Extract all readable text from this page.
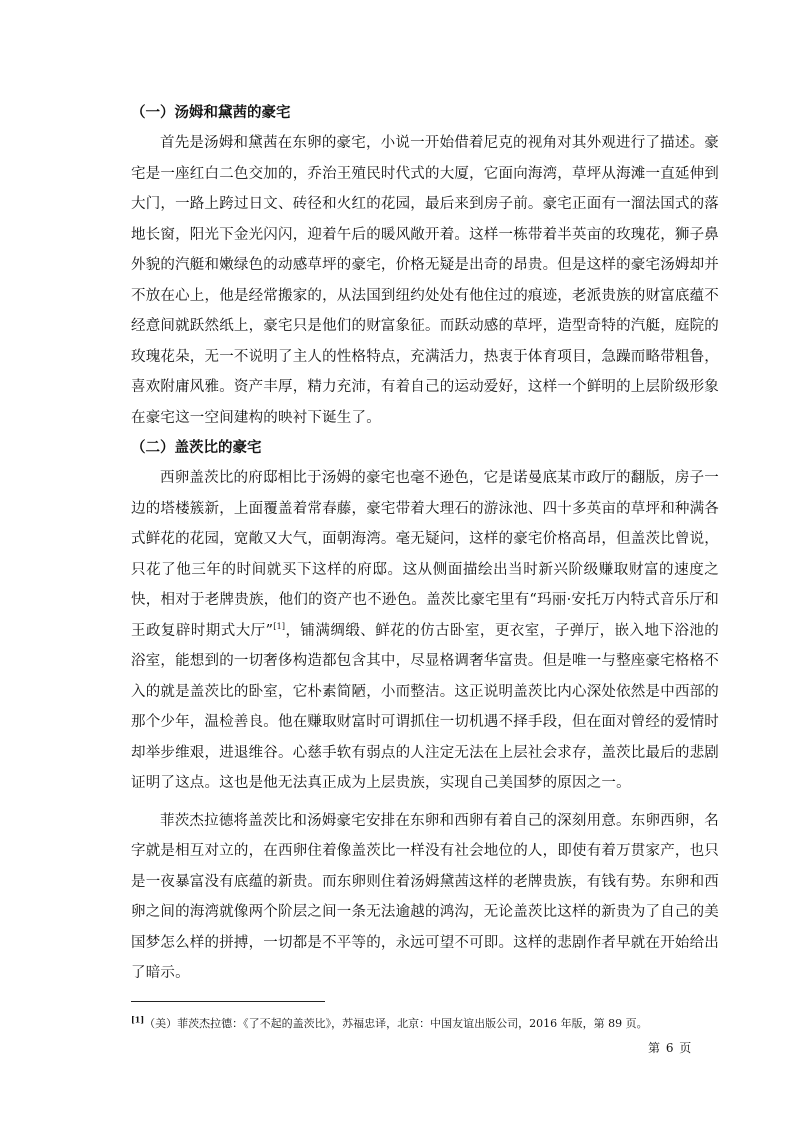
（一）汤姆和黛茜的豪宅

首先是汤姆和黛茜在东卵的豪宅，小说一开始借着尼克的视角对其外观进行了描述。豪宅是一座红白二色交加的，乔治王殖民时代式的大厦，它面向海湾，草坪从海滩一直延伸到大门，一路上跨过日文、砖径和火红的花园，最后来到房子前。豪宅正面有一溜法国式的落地长窗，阳光下金光闪闪，迎着午后的暖风敞开着。这样一栋带着半英亩的玫瑰花，狮子鼻外貌的汽艇和嫩绿色的动感草坪的豪宅，价格无疑是出奇的昂贵。但是这样的豪宅汤姆却并不放在心上，他是经常搬家的，从法国到纽约处处有他住过的痕迹，老派贵族的财富底蕴不经意间就跃然纸上，豪宅只是他们的财富象征。而跃动感的草坪，造型奇特的汽艇，庭院的玫瑰花朵，无一不说明了主人的性格特点，充满活力，热衷于体育项目，急躁而略带粗鲁，喜欢附庸风雅。资产丰厚，精力充沛，有着自己的运动爱好，这样一个鲜明的上层阶级形象在豪宅这一空间建构的映衬下诞生了。

（二）盖茨比的豪宅

西卵盖茨比的府邸相比于汤姆的豪宅也毫不逊色，它是诺曼底某市政厅的翻版，房子一边的塔楼簇新，上面覆盖着常春藤，豪宅带着大理石的游泳池、四十多英亩的草坪和种满各式鲜花的花园，宽敞又大气，面朝海湾。毫无疑问，这样的豪宅价格高昂，但盖茨比曾说，只花了他三年的时间就买下这样的府邸。这从侧面描绘出当时新兴阶级赚取财富的速度之快，相对于老牌贵族，他们的资产也不逊色。盖茨比豪宅里有“玛丽·安托万内特式音乐厅和王政复辟时期式大厅”[1]，铺满绸缎、鲜花的仿古卧室，更衣室，子弹厅，嵌入地下浴池的浴室，能想到的一切奢侈构造都包含其中，尽显格调奢华富贵。但是唯一与整座豪宅格格不入的就是盖茨比的卧室，它朴素简陋，小而整洁。这正说明盖茨比内心深处依然是中西部的那个少年，温检善良。他在赚取财富时可谓抓住一切机遇不择手段，但在面对曾经的爱情时却举步维艰，进退维谷。心慈手软有弱点的人注定无法在上层社会求存，盖茨比最后的悲剧证明了这点。这也是他无法真正成为上层贵族，实现自己美国梦的原因之一。

菲茨杰拉德将盖茨比和汤姆豪宅安排在东卵和西卵有着自己的深刻用意。东卵西卵，名字就是相互对立的，在西卵住着像盖茨比一样没有社会地位的人，即使有着万贯家产，也只是一夜暴富没有底蕴的新贵。而东卵则住着汤姆黛茜这样的老牌贵族，有钱有势。东卵和西卵之间的海湾就像两个阶层之间一条无法逾越的鸿沟，无论盖茨比这样的新贵为了自己的美国梦怎么样的拼搏，一切都是不平等的，永远可望不可即。这样的悲剧作者早就在开始给出了暗示。

[1]（美）菲茨杰拉德：《了不起的盖茨比》，苏福忠译，北京：中国友谊出版公司，2016 年版，第 89 页。
第 6 页
